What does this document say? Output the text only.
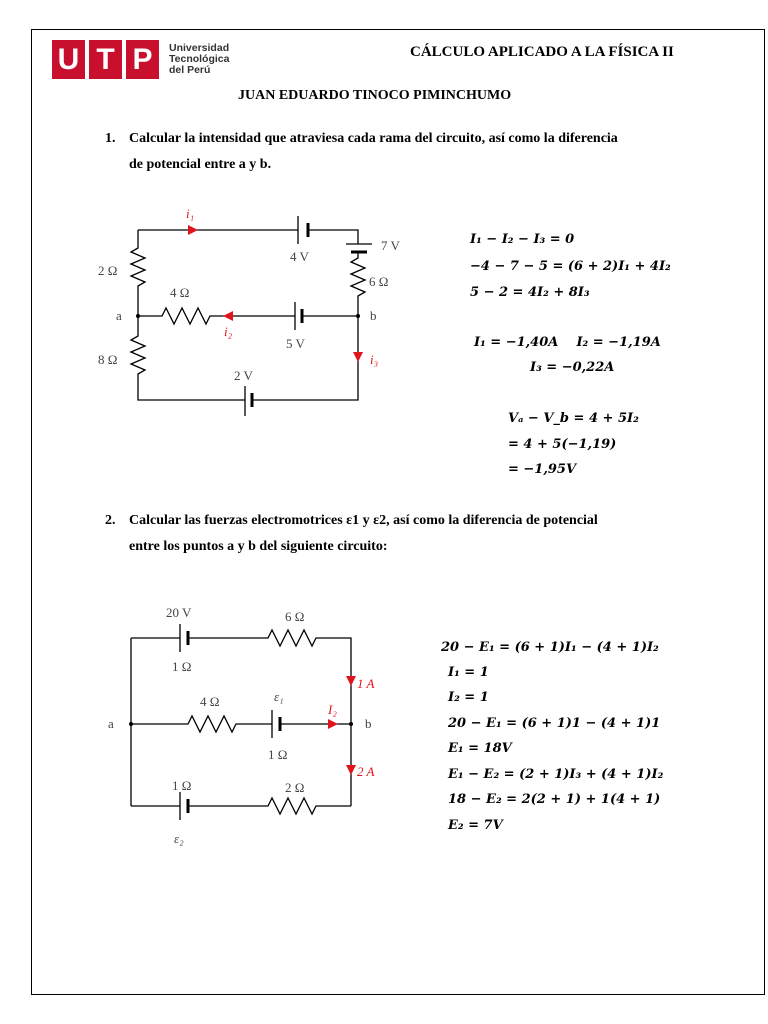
U T P	Universidad
Tecnológica
del Perú
CÁLCULO APLICADO A LA FÍSICA II
JUAN EDUARDO TINOCO PIMINCHUMO
1. Calcular la intensidad que atraviesa cada rama del circuito, así como la diferencia
de potencial entre a y b.
i₁
i₂
i₃
4 V
7 V
6 Ω
2 Ω
4 Ω
5 V
8 Ω
2 V
a	b
I₁ − I₂ − I₃ = 0
−4 − 7 − 5 = (6 + 2)I₁ + 4I₂
5 − 2 = 4I₂ + 8I₃
I₁ = −1,40A    I₂ = −1,19A
I₃ = −0,22A
Vₐ − V_b = 4 + 5I₂
= 4 + 5(−1,19)
= −1,95V
2. Calcular las fuerzas electromotrices ε1 y ε2, así como la diferencia de potencial
entre los puntos a y b del siguiente circuito:
20 V	6 Ω
1 Ω
4 Ω	ε₁
I₂
1 Ω
1 Ω	2 Ω
ε₂
1 A
2 A
a	b
20 − E₁ = (6 + 1)I₁ − (4 + 1)I₂
I₁ = 1
I₂ = 1
20 − E₁ = (6 + 1)1 − (4 + 1)1
E₁ = 18V
E₁ − E₂ = (2 + 1)I₃ + (4 + 1)I₂
18 − E₂ = 2(2 + 1) + 1(4 + 1)
E₂ = 7V
